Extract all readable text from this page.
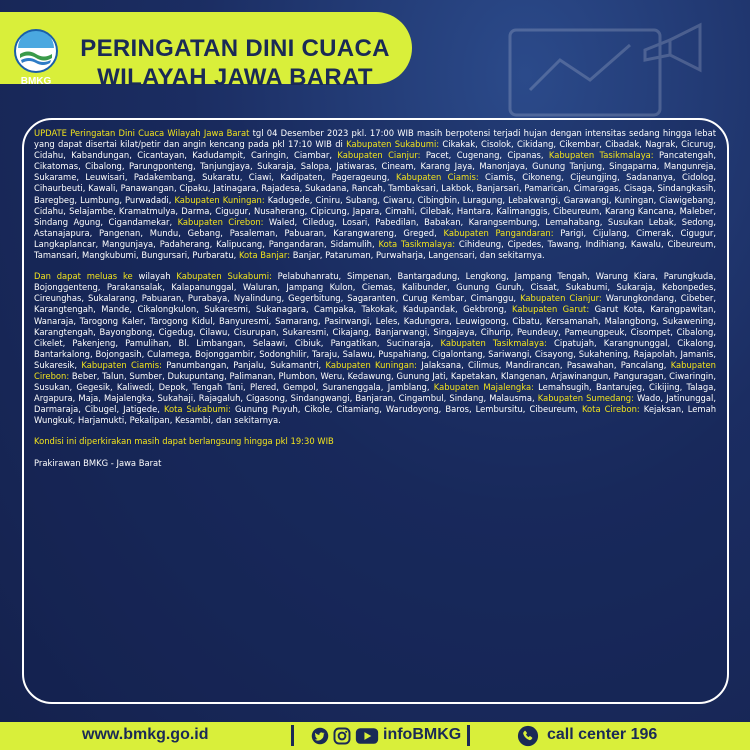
BMKG
PERINGATAN DINI CUACA
WILAYAH JAWA BARAT

UPDATE Peringatan Dini Cuaca Wilayah Jawa Barat tgl 04 Desember 2023 pkl. 17:00 WIB masih berpotensi terjadi hujan dengan intensitas sedang hingga lebat yang dapat disertai kilat/petir dan angin kencang pada pkl 17:10 WIB di Kabupaten Sukabumi: Cikakak, Cisolok, Cikidang, Cikembar, Cibadak, Nagrak, Cicurug, Cidahu, Kabandungan, Cicantayan, Kadudampit, Caringin, Ciambar, Kabupaten Cianjur: Pacet, Cugenang, Cipanas, Kabupaten Tasikmalaya: Pancatengah, Cikatomas, Cibalong, Parungponteng, Tanjungjaya, Sukaraja, Salopa, Jatiwaras, Cineam, Karang Jaya, Manonjaya, Gunung Tanjung, Singaparna, Mangunreja, Sukarame, Leuwisari, Padakembang, Sukaratu, Ciawi, Kadipaten, Pagerageung, Kabupaten Ciamis: Ciamis, Cikoneng, Cijeungjing, Sadananya, Cidolog, Cihaurbeuti, Kawali, Panawangan, Cipaku, Jatinagara, Rajadesa, Sukadana, Rancah, Tambaksari, Lakbok, Banjarsari, Pamarican, Cimaragas, Cisaga, Sindangkasih, Baregbeg, Lumbung, Purwadadi, Kabupaten Kuningan: Kadugede, Ciniru, Subang, Ciwaru, Cibingbin, Luragung, Lebakwangi, Garawangi, Kuningan, Ciawigebang, Cidahu, Selajambe, Kramatmulya, Darma, Cigugur, Nusaherang, Cipicung, Japara, Cimahi, Cilebak, Hantara, Kalimanggis, Cibeureum, Karang Kancana, Maleber, Sindang Agung, Cigandamekar, Kabupaten Cirebon: Waled, Ciledug, Losari, Pabedilan, Babakan, Karangsembung, Lemahabang, Susukan Lebak, Sedong, Astanajapura, Pangenan, Mundu, Gebang, Pasaleman, Pabuaran, Karangwareng, Greged, Kabupaten Pangandaran: Parigi, Cijulang, Cimerak, Cigugur, Langkaplancar, Mangunjaya, Padaherang, Kalipucang, Pangandaran, Sidamulih, Kota Tasikmalaya: Cihideung, Cipedes, Tawang, Indihiang, Kawalu, Cibeureum, Tamansari, Mangkubumi, Bungursari, Purbaratu, Kota Banjar: Banjar, Pataruman, Purwaharja, Langensari, dan sekitarnya.

Dan dapat meluas ke wilayah Kabupaten Sukabumi: Pelabuhanratu, Simpenan, Bantargadung, Lengkong, Jampang Tengah, Warung Kiara, Parungkuda, Bojonggenteng, Parakansalak, Kalapanunggal, Waluran, Jampang Kulon, Ciemas, Kalibunder, Gunung Guruh, Cisaat, Sukabumi, Sukaraja, Kebonpedes, Cireunghas, Sukalarang, Pabuaran, Purabaya, Nyalindung, Gegerbitung, Sagaranten, Curug Kembar, Cimanggu, Kabupaten Cianjur: Warungkondang, Cibeber, Karangtengah, Mande, Cikalongkulon, Sukaresmi, Sukanagara, Campaka, Takokak, Kadupandak, Gekbrong, Kabupaten Garut: Garut Kota, Karangpawitan, Wanaraja, Tarogong Kaler, Tarogong Kidul, Banyuresmi, Samarang, Pasirwangi, Leles, Kadungora, Leuwigoong, Cibatu, Kersamanah, Malangbong, Sukawening, Karangtengah, Bayongbong, Cigedug, Cilawu, Cisurupan, Sukaresmi, Cikajang, Banjarwangi, Singajaya, Cihurip, Peundeuy, Pameungpeuk, Cisompet, Cibalong, Cikelet, Pakenjeng, Pamulihan, Bl. Limbangan, Selaawi, Cibiuk, Pangatikan, Sucinaraja, Kabupaten Tasikmalaya: Cipatujah, Karangnunggal, Cikalong, Bantarkalong, Bojongasih, Culamega, Bojonggambir, Sodonghilir, Taraju, Salawu, Puspahiang, Cigalontang, Sariwangi, Cisayong, Sukahening, Rajapolah, Jamanis, Sukaresik, Kabupaten Ciamis: Panumbangan, Panjalu, Sukamantri, Kabupaten Kuningan: Jalaksana, Cilimus, Mandirancan, Pasawahan, Pancalang, Kabupaten Cirebon: Beber, Talun, Sumber, Dukupuntang, Palimanan, Plumbon, Weru, Kedawung, Gunung Jati, Kapetakan, Klangenan, Arjawinangun, Panguragan, Ciwaringin, Susukan, Gegesik, Kaliwedi, Depok, Tengah Tani, Plered, Gempol, Suranenggala, Jamblang, Kabupaten Majalengka: Lemahsugih, Bantarujeg, Cikijing, Talaga, Argapura, Maja, Majalengka, Sukahaji, Rajagaluh, Cigasong, Sindangwangi, Banjaran, Cingambul, Sindang, Malausma, Kabupaten Sumedang: Wado, Jatinunggal, Darmaraja, Cibugel, Jatigede, Kota Sukabumi: Gunung Puyuh, Cikole, Citamiang, Warudoyong, Baros, Lembursitu, Cibeureum, Kota Cirebon: Kejaksan, Lemah Wungkuk, Harjamukti, Pekalipan, Kesambi, dan sekitarnya.

Kondisi ini diperkirakan masih dapat berlangsung hingga pkl 19:30 WIB

Prakirawan BMKG - Jawa Barat

www.bmkg.go.id	infoBMKG	call center 196
